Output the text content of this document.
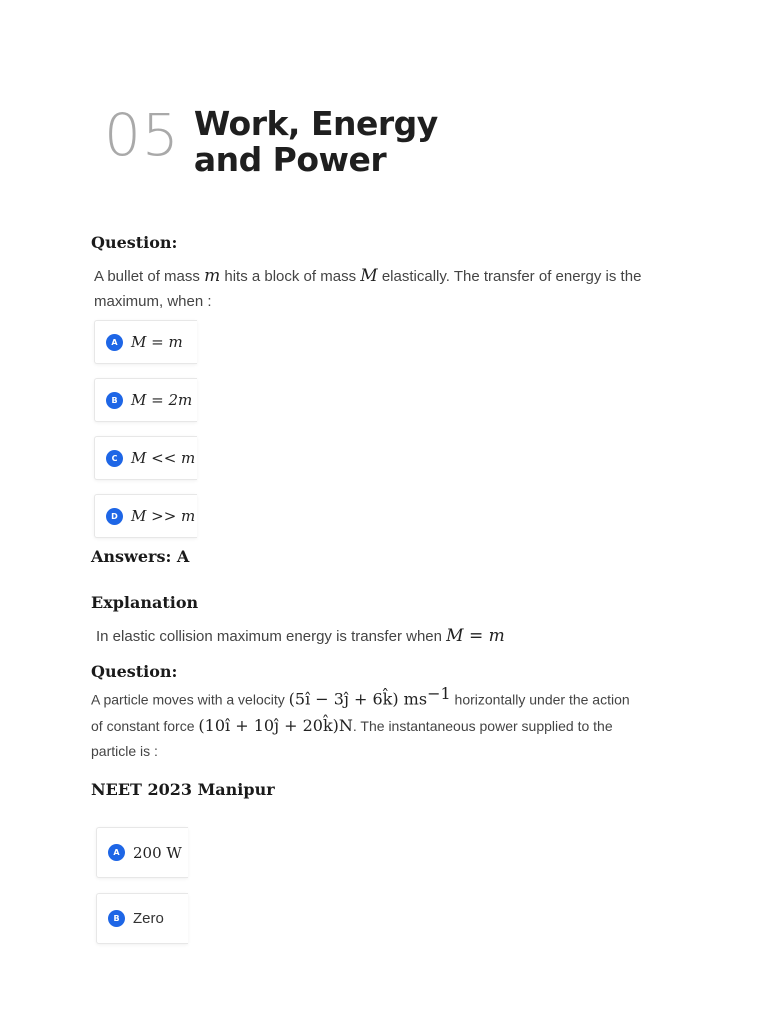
05 Work, Energy
and Power
Question:
A bullet of mass m hits a block of mass M elastically. The transfer of energy is the
maximum, when :
A M = m
B M = 2m
C M << m
D M >> m
Answers: A
Explanation
In elastic collision maximum energy is transfer when M = m
Question:
A particle moves with a velocity (5î − 3ĵ + 6k̂) $ms^{-1}$ horizontally under the action
of constant force (10î + 10ĵ + 20k̂)N. The instantaneous power supplied to the
particle is :
NEET 2023 Manipur
A 200 W
B Zero
